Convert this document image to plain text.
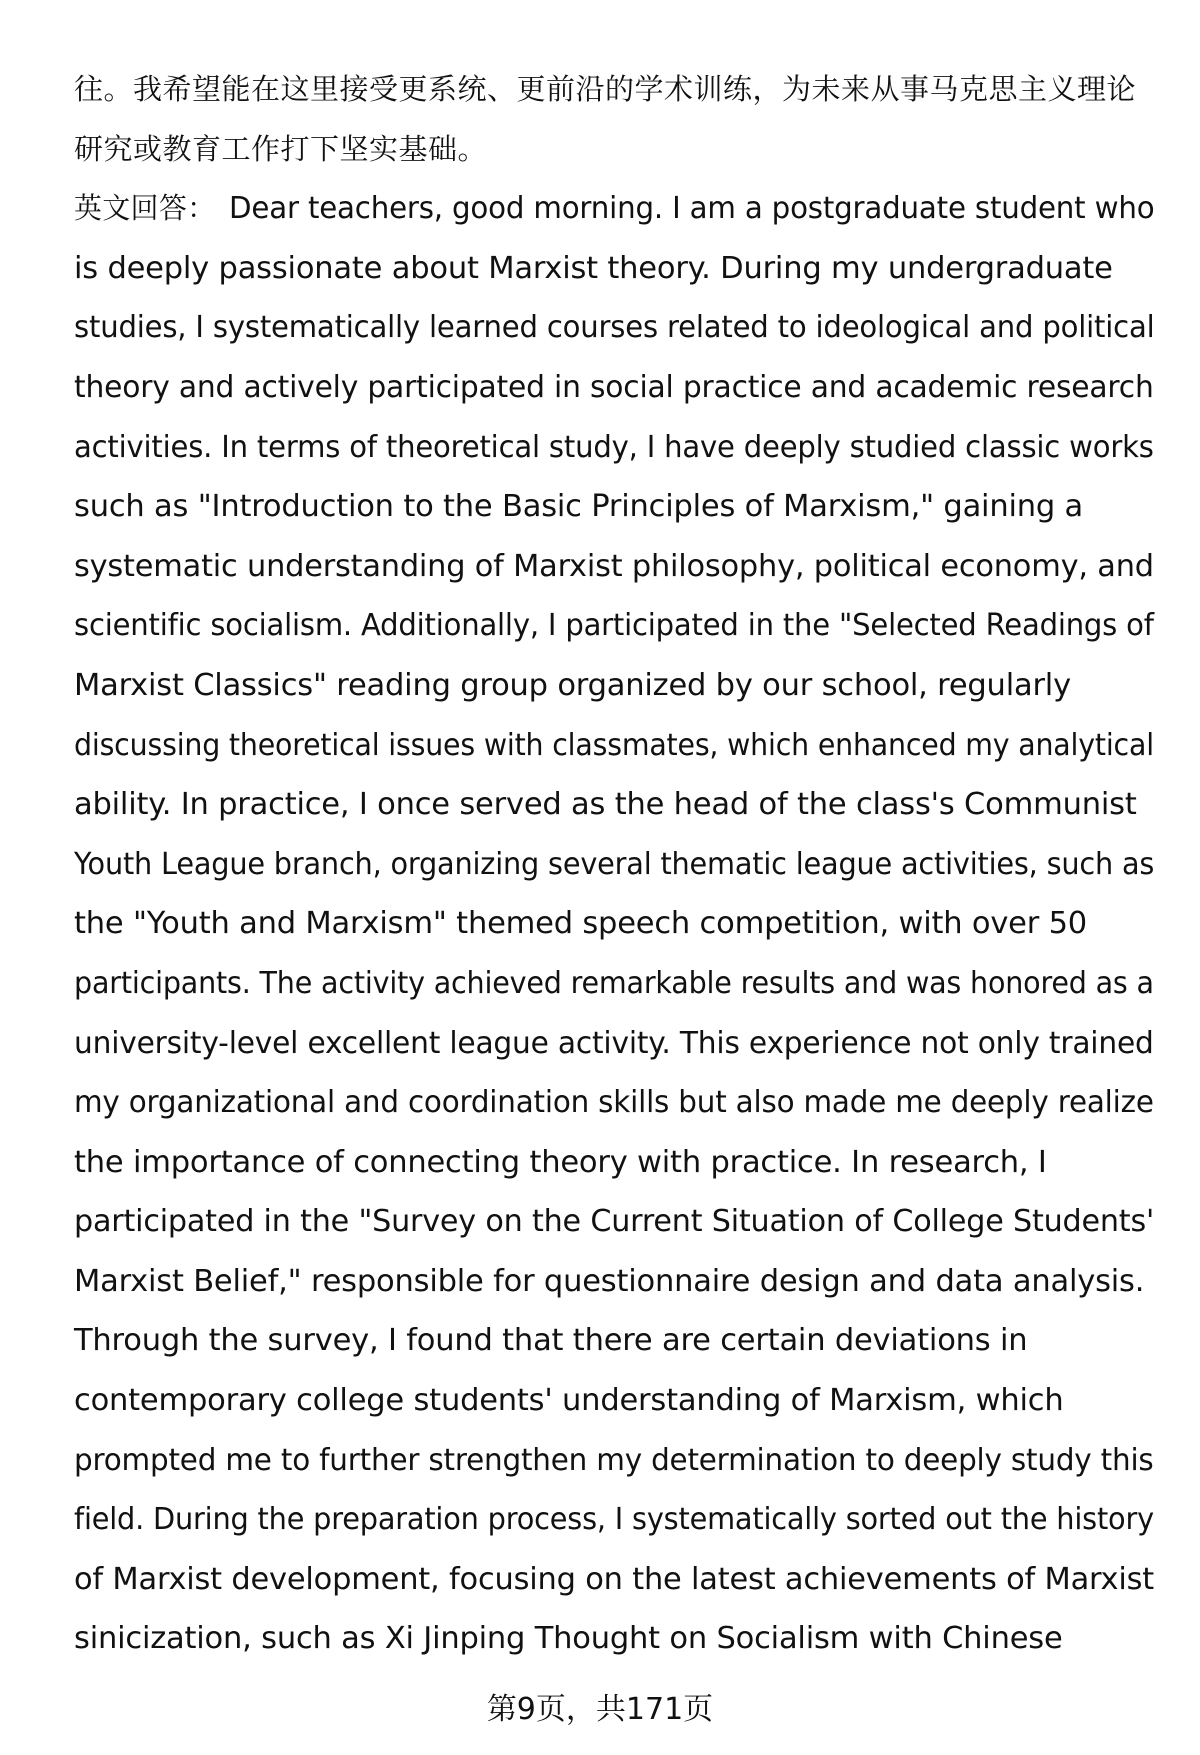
往。我希望能在这里接受更系统、更前沿的学术训练，为未来从事马克思主义理论
研究或教育工作打下坚实基础。
英文回答： Dear teachers, good morning. I am a postgraduate student who
is deeply passionate about Marxist theory. During my undergraduate
studies, I systematically learned courses related to ideological and political
theory and actively participated in social practice and academic research
activities. In terms of theoretical study, I have deeply studied classic works
such as "Introduction to the Basic Principles of Marxism," gaining a
systematic understanding of Marxist philosophy, political economy, and
scientific socialism. Additionally, I participated in the "Selected Readings of
Marxist Classics" reading group organized by our school, regularly
discussing theoretical issues with classmates, which enhanced my analytical
ability. In practice, I once served as the head of the class's Communist
Youth League branch, organizing several thematic league activities, such as
the "Youth and Marxism" themed speech competition, with over 50
participants. The activity achieved remarkable results and was honored as a
university-level excellent league activity. This experience not only trained
my organizational and coordination skills but also made me deeply realize
the importance of connecting theory with practice. In research, I
participated in the "Survey on the Current Situation of College Students'
Marxist Belief," responsible for questionnaire design and data analysis.
Through the survey, I found that there are certain deviations in
contemporary college students' understanding of Marxism, which
prompted me to further strengthen my determination to deeply study this
field. During the preparation process, I systematically sorted out the history
of Marxist development, focusing on the latest achievements of Marxist
sinicization, such as Xi Jinping Thought on Socialism with Chinese
第9页，共171页
